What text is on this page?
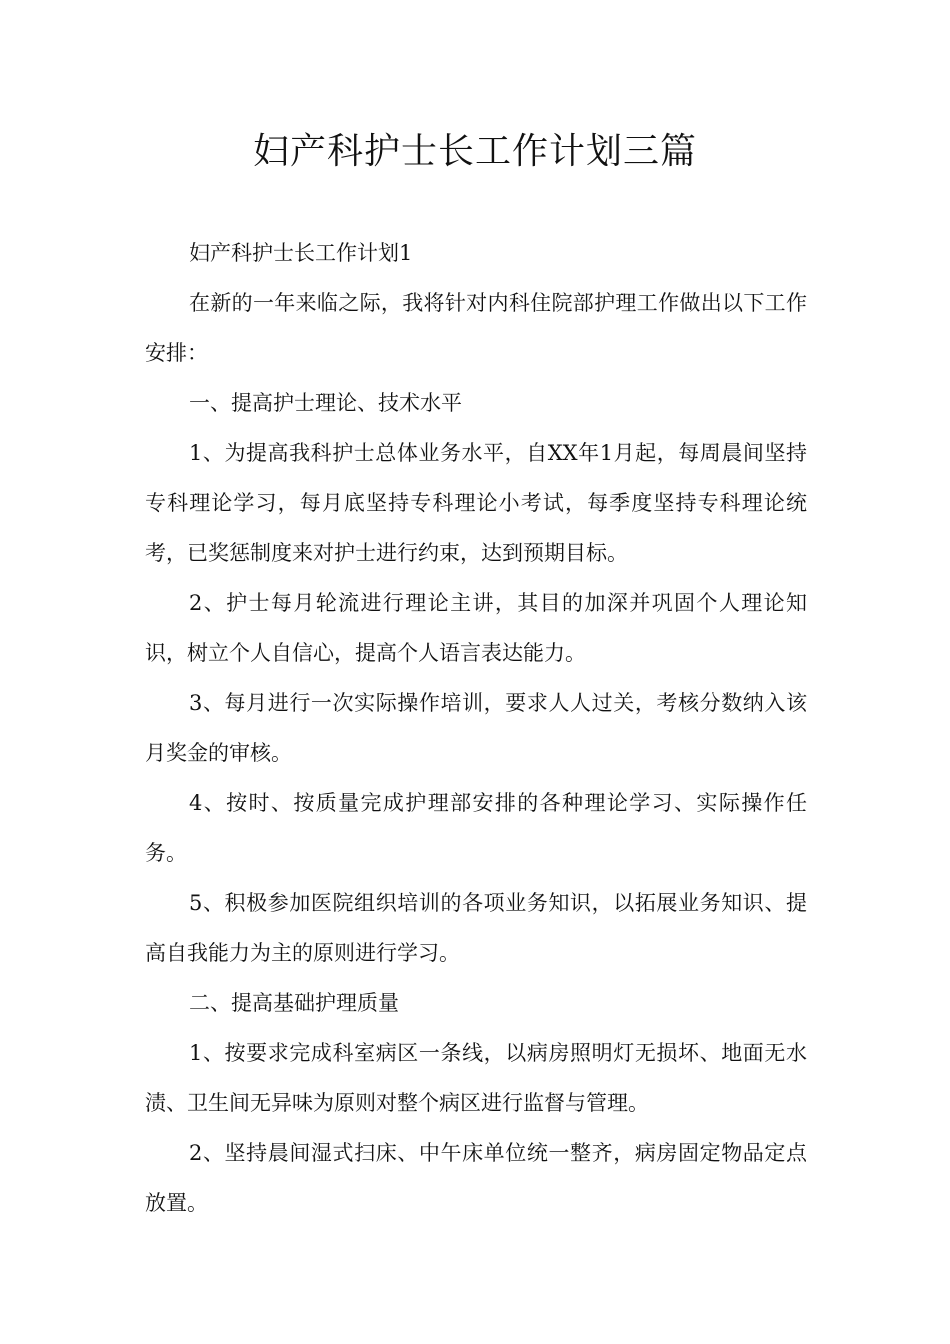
妇产科护士长工作计划三篇

妇产科护士长工作计划1

在新的一年来临之际，我将针对内科住院部护理工作做出以下工作安排：

一、提高护士理论、技术水平

1、为提高我科护士总体业务水平，自XX年1月起，每周晨间坚持专科理论学习，每月底坚持专科理论小考试，每季度坚持专科理论统考，已奖惩制度来对护士进行约束，达到预期目标。

2、护士每月轮流进行理论主讲，其目的加深并巩固个人理论知识，树立个人自信心，提高个人语言表达能力。

3、每月进行一次实际操作培训，要求人人过关，考核分数纳入该月奖金的审核。

4、按时、按质量完成护理部安排的各种理论学习、实际操作任务。

5、积极参加医院组织培训的各项业务知识，以拓展业务知识、提高自我能力为主的原则进行学习。

二、提高基础护理质量

1、按要求完成科室病区一条线，以病房照明灯无损坏、地面无水渍、卫生间无异味为原则对整个病区进行监督与管理。

2、坚持晨间湿式扫床、中午床单位统一整齐，病房固定物品定点放置。
